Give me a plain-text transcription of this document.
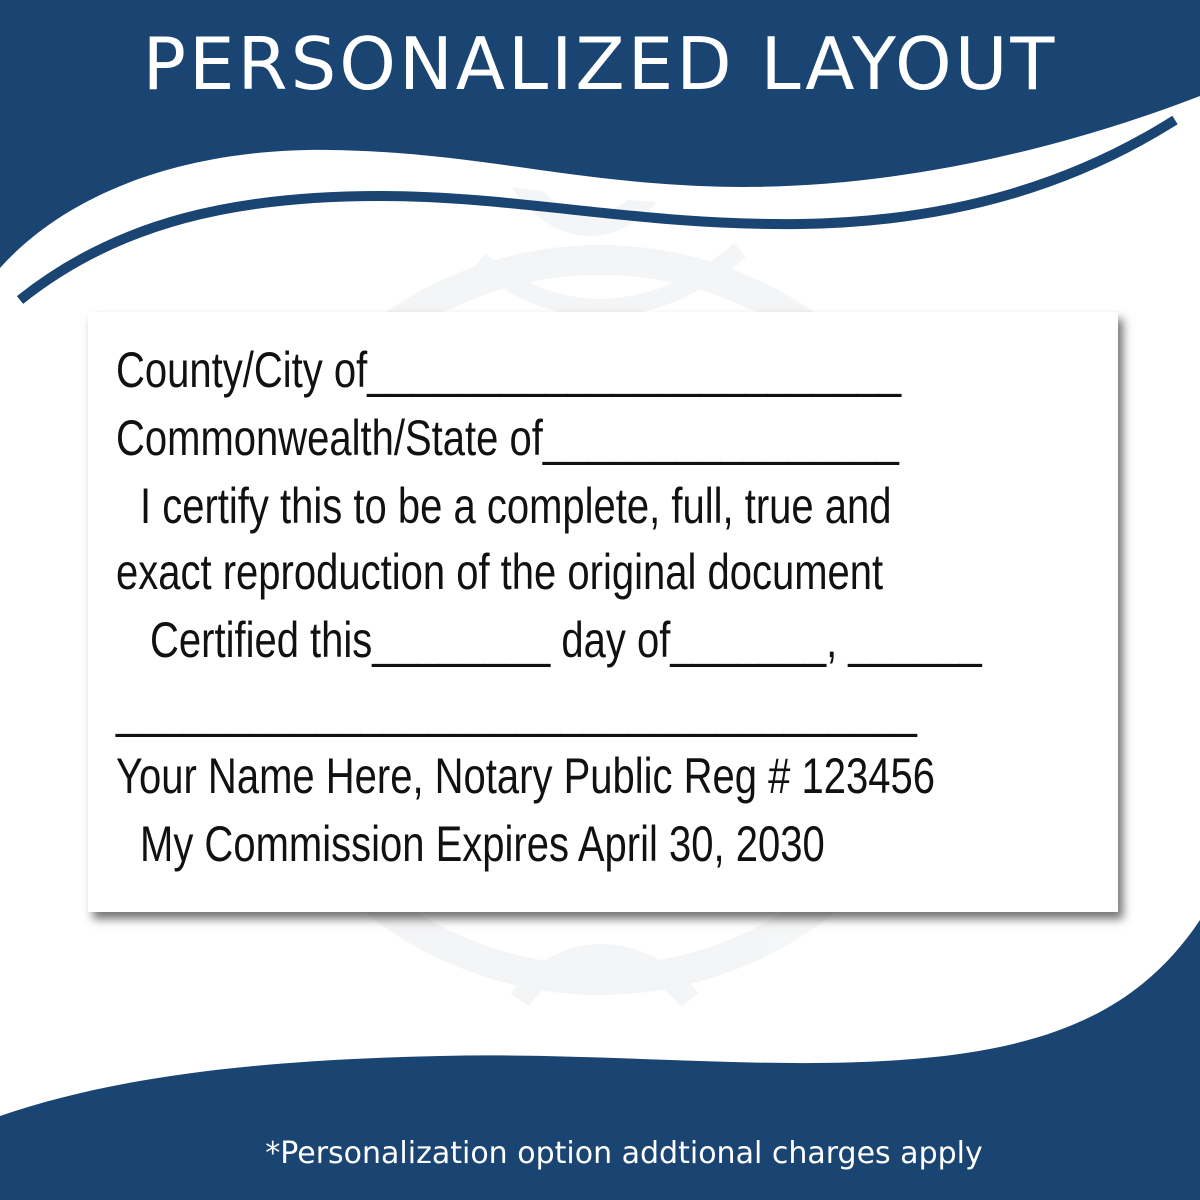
PERSONALIZED LAYOUT
County/City of________________________
Commonwealth/State of________________
I certify this to be a complete, full, true and
exact reproduction of the original document
Certified this________ day of_______, ______
____________________________________
Your Name Here, Notary Public Reg # 123456
My Commission Expires April 30, 2030
*Personalization option addtional charges apply
